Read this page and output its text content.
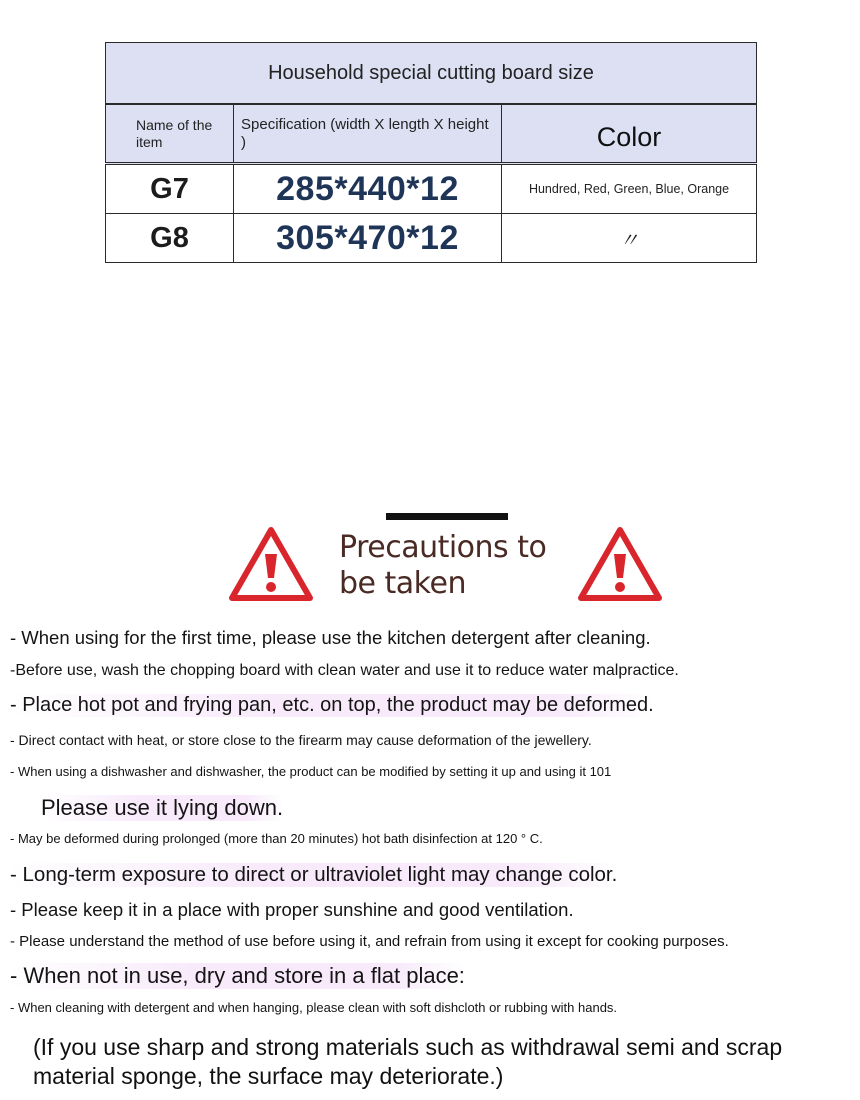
Household special cutting board size		
Name of the item	Specification (width X length X height )	Color
G7	285*440*12	Hundred, Red, Green, Blue, Orange
G8	305*470*12	〃
Precautions to be taken
- When using for the first time, please use the kitchen detergent after cleaning.
-Before use, wash the chopping board with clean water and use it to reduce water malpractice.
- Place hot pot and frying pan, etc. on top, the product may be deformed.
- Direct contact with heat, or store close to the firearm may cause deformation of the jewellery.
- When using a dishwasher and dishwasher, the product can be modified by setting it up and using it 101
Please use it lying down.
- May be deformed during prolonged (more than 20 minutes) hot bath disinfection at 120 ° C.
- Long-term exposure to direct or ultraviolet light may change color.
- Please keep it in a place with proper sunshine and good ventilation.
- Please understand the method of use before using it, and refrain from using it except for cooking purposes.
- When not in use, dry and store in a flat place:
- When cleaning with detergent and when hanging, please clean with soft dishcloth or rubbing with hands.
(If you use sharp and strong materials such as withdrawal semi and scrap material sponge, the surface may deteriorate.)
